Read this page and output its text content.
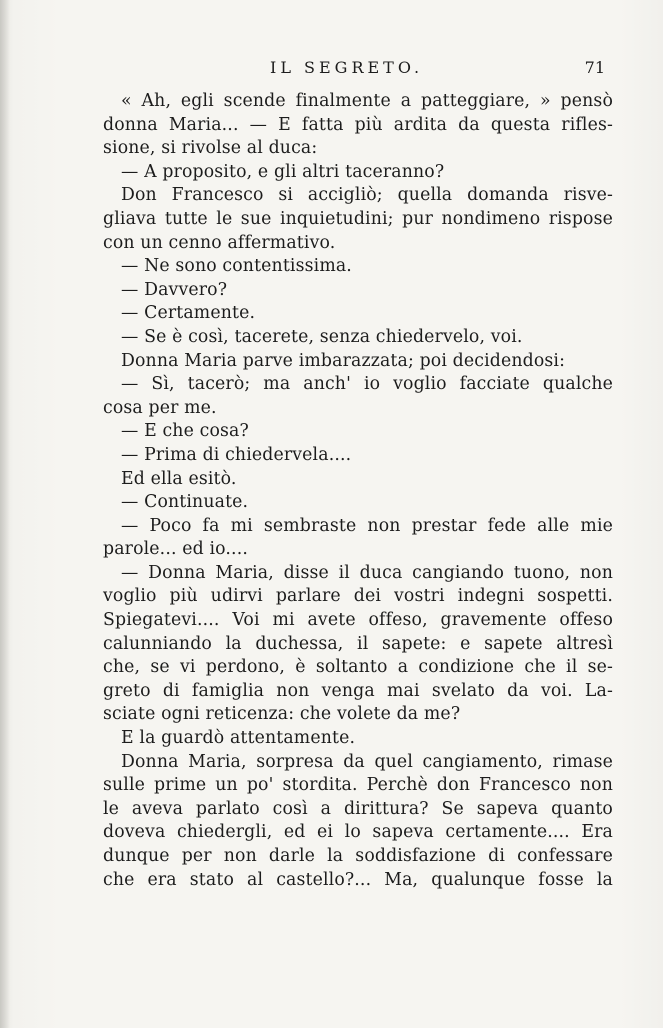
IL SEGRETO.	71
« Ah, egli scende finalmente a patteggiare, » pensò
donna Maria... — E fatta più ardita da questa rifles-
sione, si rivolse al duca:
— A proposito, e gli altri taceranno?
Don Francesco si accigliò; quella domanda risve-
gliava tutte le sue inquietudini; pur nondimeno rispose
con un cenno affermativo.
— Ne sono contentissima.
— Davvero?
— Certamente.
— Se è così, tacerete, senza chiedervelo, voi.
Donna Maria parve imbarazzata; poi decidendosi:
— Sì, tacerò; ma anch' io voglio facciate qualche
cosa per me.
— E che cosa?
— Prima di chiedervela....
Ed ella esitò.
— Continuate.
— Poco fa mi sembraste non prestar fede alle mie
parole... ed io....
— Donna Maria, disse il duca cangiando tuono, non
voglio più udirvi parlare dei vostri indegni sospetti.
Spiegatevi.... Voi mi avete offeso, gravemente offeso
calunniando la duchessa, il sapete: e sapete altresì
che, se vi perdono, è soltanto a condizione che il se-
greto di famiglia non venga mai svelato da voi. La-
sciate ogni reticenza: che volete da me?
E la guardò attentamente.
Donna Maria, sorpresa da quel cangiamento, rimase
sulle prime un po' stordita. Perchè don Francesco non
le aveva parlato così a dirittura? Se sapeva quanto
doveva chiedergli, ed ei lo sapeva certamente.... Era
dunque per non darle la soddisfazione di confessare
che era stato al castello?... Ma, qualunque fosse la
